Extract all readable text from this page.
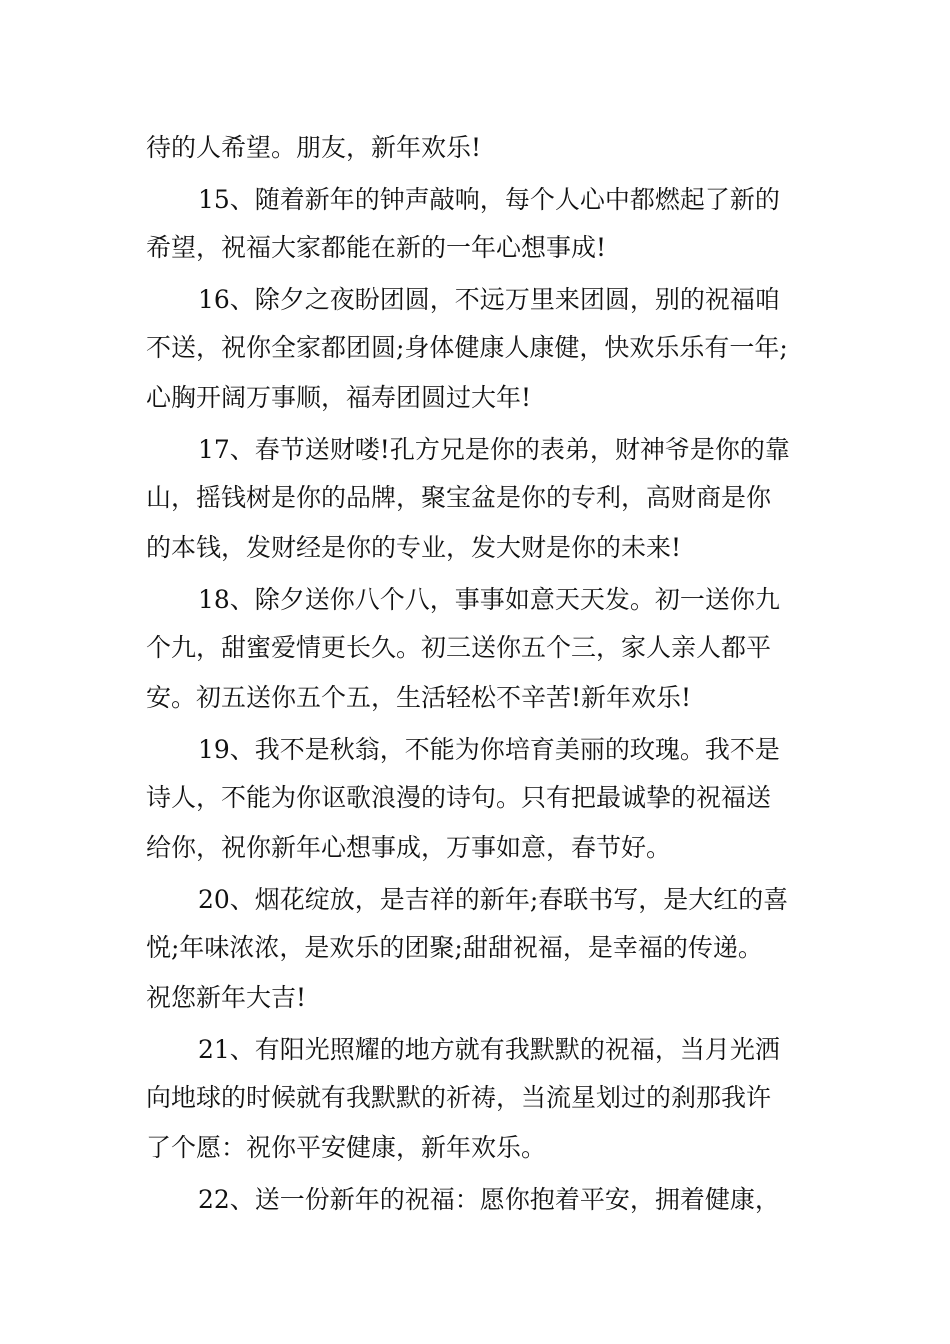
待的人希望。朋友，新年欢乐!
15、随着新年的钟声敲响，每个人心中都燃起了新的
希望，祝福大家都能在新的一年心想事成!
16、除夕之夜盼团圆，不远万里来团圆，别的祝福咱
不送，祝你全家都团圆;身体健康人康健，快欢乐乐有一年;
心胸开阔万事顺，福寿团圆过大年!
17、春节送财喽!孔方兄是你的表弟，财神爷是你的靠
山，摇钱树是你的品牌，聚宝盆是你的专利，高财商是你
的本钱，发财经是你的专业，发大财是你的未来!
18、除夕送你八个八，事事如意天天发。初一送你九
个九，甜蜜爱情更长久。初三送你五个三，家人亲人都平
安。初五送你五个五，生活轻松不辛苦!新年欢乐!
19、我不是秋翁，不能为你培育美丽的玫瑰。我不是
诗人，不能为你讴歌浪漫的诗句。只有把最诚挚的祝福送
给你，祝你新年心想事成，万事如意，春节好。
20、烟花绽放，是吉祥的新年;春联书写，是大红的喜
悦;年味浓浓，是欢乐的团聚;甜甜祝福，是幸福的传递。
祝您新年大吉!
21、有阳光照耀的地方就有我默默的祝福，当月光洒
向地球的时候就有我默默的祈祷，当流星划过的刹那我许
了个愿：祝你平安健康，新年欢乐。
22、送一份新年的祝福：愿你抱着平安，拥着健康，
